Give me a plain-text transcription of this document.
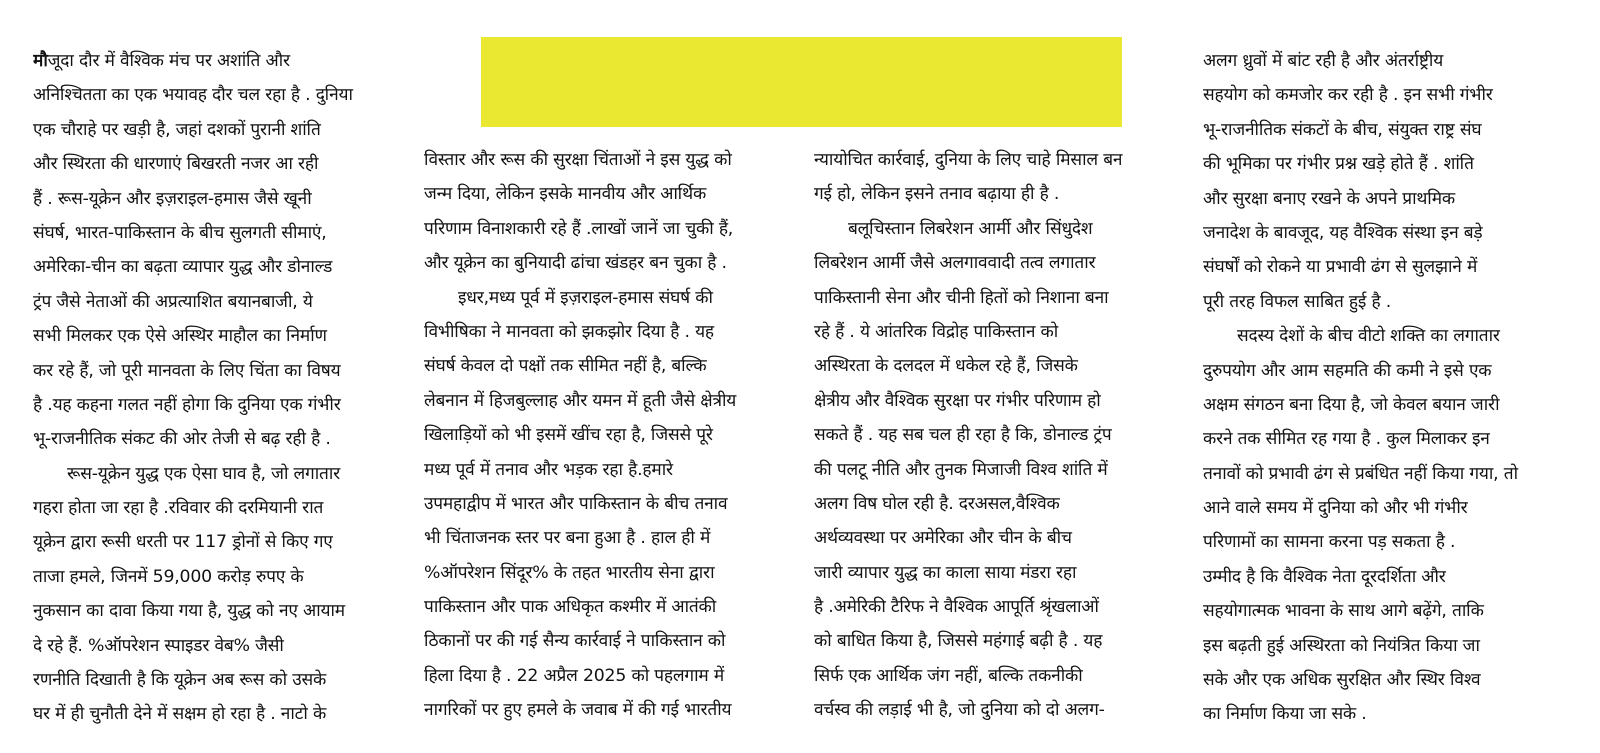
मौजूदा दौर में वैश्विक मंच पर अशांति और
अनिश्चितता का एक भयावह दौर चल रहा है . दुनिया
एक चौराहे पर खड़ी है, जहां दशकों पुरानी शांति
और स्थिरता की धारणाएं बिखरती नजर आ रही
हैं . रूस-यूक्रेन और इज़राइल-हमास जैसे खूनी
संघर्ष, भारत-पाकिस्तान के बीच सुलगती सीमाएं,
अमेरिका-चीन का बढ़ता व्यापार युद्ध और डोनाल्ड
ट्रंप जैसे नेताओं की अप्रत्याशित बयानबाजी, ये
सभी मिलकर एक ऐसे अस्थिर माहौल का निर्माण
कर रहे हैं, जो पूरी मानवता के लिए चिंता का विषय
है .यह कहना गलत नहीं होगा कि दुनिया एक गंभीर
भू-राजनीतिक संकट की ओर तेजी से बढ़ रही है .
रूस-यूक्रेन युद्ध एक ऐसा घाव है, जो लगातार
गहरा होता जा रहा है .रविवार की दरमियानी रात
यूक्रेन द्वारा रूसी धरती पर 117 ड्रोनों से किए गए
ताजा हमले, जिनमें 59,000 करोड़ रुपए के
नुकसान का दावा किया गया है, युद्ध को नए आयाम
दे रहे हैं. %ऑपरेशन स्पाइडर वेब% जैसी
रणनीति दिखाती है कि यूक्रेन अब रूस को उसके
घर में ही चुनौती देने में सक्षम हो रहा है . नाटो के
विस्तार और रूस की सुरक्षा चिंताओं ने इस युद्ध को
जन्म दिया, लेकिन इसके मानवीय और आर्थिक
परिणाम विनाशकारी रहे हैं .लाखों जानें जा चुकी हैं,
और यूक्रेन का बुनियादी ढांचा खंडहर बन चुका है .
इधर,मध्य पूर्व में इज़राइल-हमास संघर्ष की
विभीषिका ने मानवता को झकझोर दिया है . यह
संघर्ष केवल दो पक्षों तक सीमित नहीं है, बल्कि
लेबनान में हिजबुल्लाह और यमन में हूती जैसे क्षेत्रीय
खिलाड़ियों को भी इसमें खींच रहा है, जिससे पूरे
मध्य पूर्व में तनाव और भड़क रहा है.हमारे
उपमहाद्वीप में भारत और पाकिस्तान के बीच तनाव
भी चिंताजनक स्तर पर बना हुआ है . हाल ही में
%ऑपरेशन सिंदूर% के तहत भारतीय सेना द्वारा
पाकिस्तान और पाक अधिकृत कश्मीर में आतंकी
ठिकानों पर की गई सैन्य कार्रवाई ने पाकिस्तान को
हिला दिया है . 22 अप्रैल 2025 को पहलगाम में
नागरिकों पर हुए हमले के जवाब में की गई भारतीय
न्यायोचित कार्रवाई, दुनिया के लिए चाहे मिसाल बन
गई हो, लेकिन इसने तनाव बढ़ाया ही है .
बलूचिस्तान लिबरेशन आर्मी और सिंधुदेश
लिबरेशन आर्मी जैसे अलगाववादी तत्व लगातार
पाकिस्तानी सेना और चीनी हितों को निशाना बना
रहे हैं . ये आंतरिक विद्रोह पाकिस्तान को
अस्थिरता के दलदल में धकेल रहे हैं, जिसके
क्षेत्रीय और वैश्विक सुरक्षा पर गंभीर परिणाम हो
सकते हैं . यह सब चल ही रहा है कि, डोनाल्ड ट्रंप
की पलटू नीति और तुनक मिजाजी विश्व शांति में
अलग विष घोल रही है. दरअसल,वैश्विक
अर्थव्यवस्था पर अमेरिका और चीन के बीच
जारी व्यापार युद्ध का काला साया मंडरा रहा
है .अमेरिकी टैरिफ ने वैश्विक आपूर्ति श्रृंखलाओं
को बाधित किया है, जिससे महंगाई बढ़ी है . यह
सिर्फ एक आर्थिक जंग नहीं, बल्कि तकनीकी
वर्चस्व की लड़ाई भी है, जो दुनिया को दो अलग-
अलग ध्रुवों में बांट रही है और अंतर्राष्ट्रीय
सहयोग को कमजोर कर रही है . इन सभी गंभीर
भू-राजनीतिक संकटों के बीच, संयुक्त राष्ट्र संघ
की भूमिका पर गंभीर प्रश्न खड़े होते हैं . शांति
और सुरक्षा बनाए रखने के अपने प्राथमिक
जनादेश के बावजूद, यह वैश्विक संस्था इन बड़े
संघर्षों को रोकने या प्रभावी ढंग से सुलझाने में
पूरी तरह विफल साबित हुई है .
सदस्य देशों के बीच वीटो शक्ति का लगातार
दुरुपयोग और आम सहमति की कमी ने इसे एक
अक्षम संगठन बना दिया है, जो केवल बयान जारी
करने तक सीमित रह गया है . कुल मिलाकर इन
तनावों को प्रभावी ढंग से प्रबंधित नहीं किया गया, तो
आने वाले समय में दुनिया को और भी गंभीर
परिणामों का सामना करना पड़ सकता है .
उम्मीद है कि वैश्विक नेता दूरदर्शिता और
सहयोगात्मक भावना के साथ आगे बढ़ेंगे, ताकि
इस बढ़ती हुई अस्थिरता को नियंत्रित किया जा
सके और एक अधिक सुरक्षित और स्थिर विश्व
का निर्माण किया जा सके .
